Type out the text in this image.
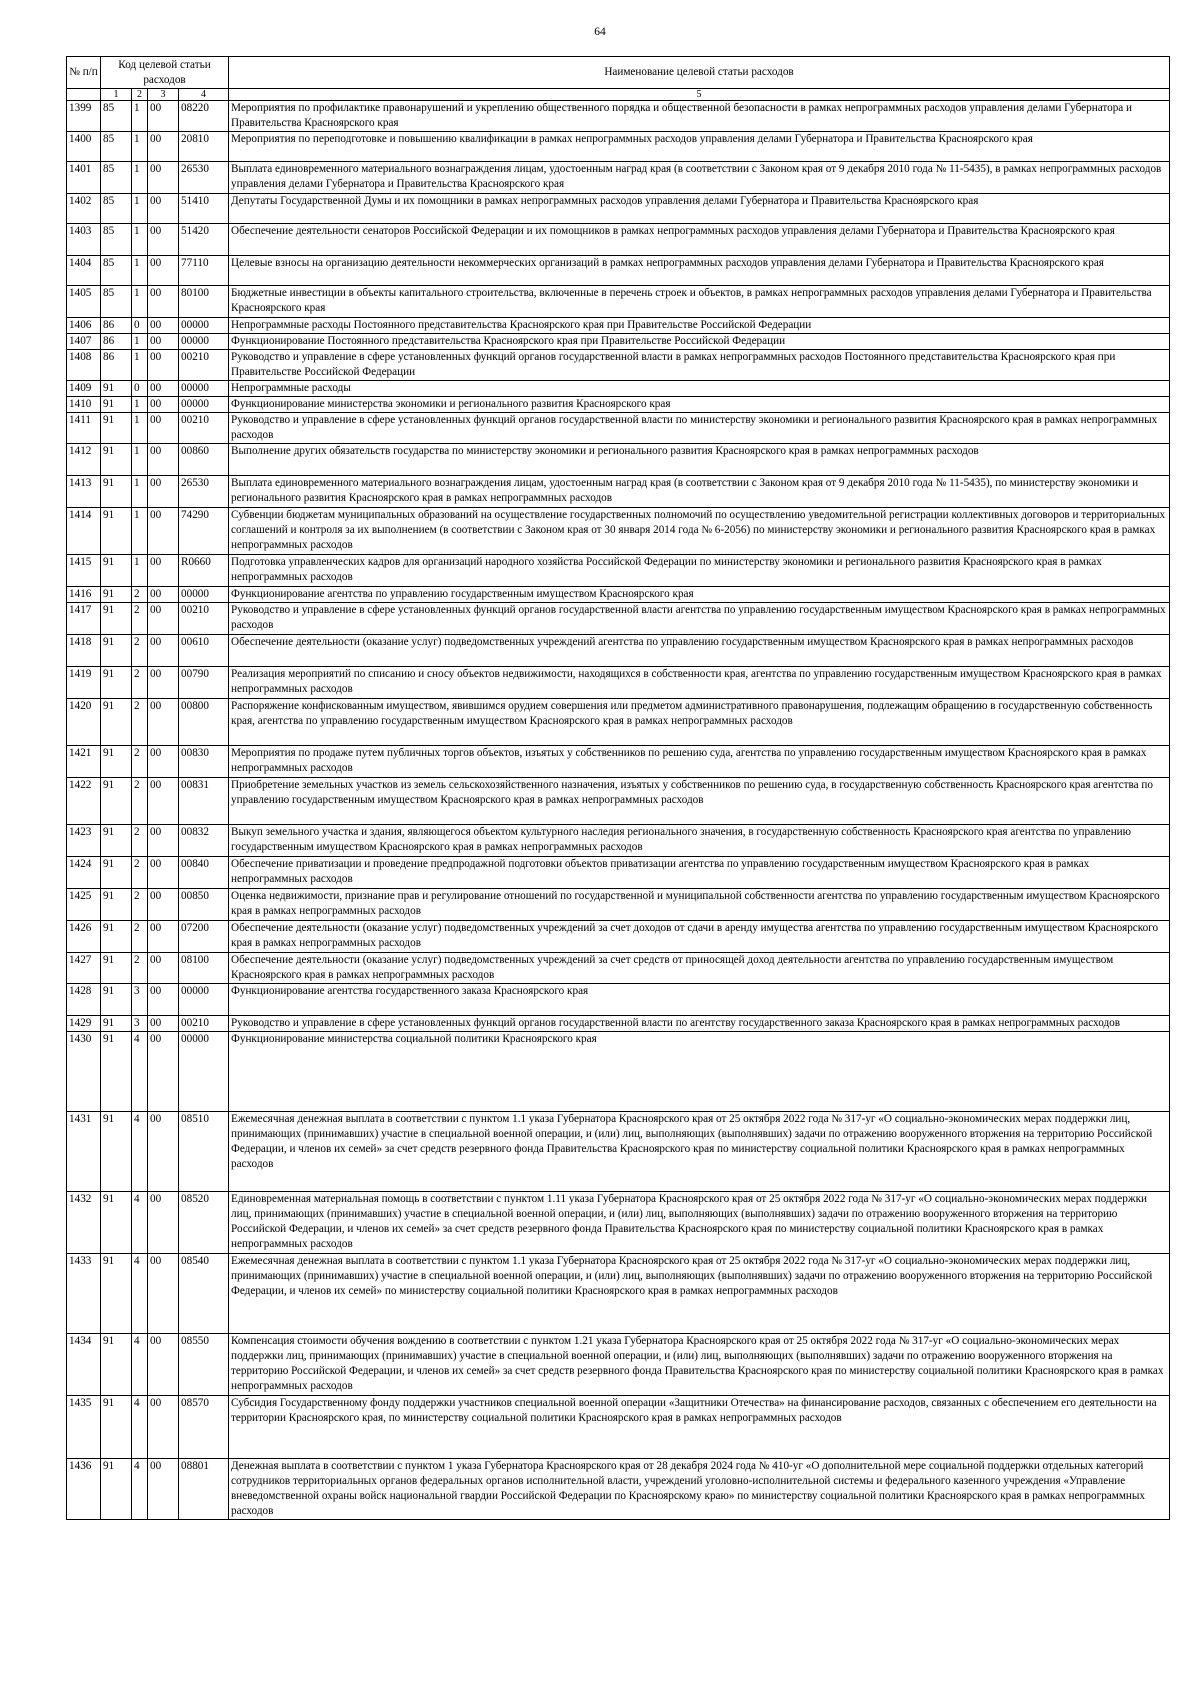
64
№ п/п	Код целевой статьи расходов				Наименование целевой статьи расходов

	1	2	3	4	5
1399	85	1	00	08220	Мероприятия по профилактике правонарушений и укреплению общественного порядка и общественной безопасности в рамках непрограммных расходов управления делами Губернатора и Правительства Красноярского края
1400	85	1	00	20810	Мероприятия по переподготовке и повышению квалификации в рамках непрограммных расходов управления делами Губернатора и Правительства Красноярского края
1401	85	1	00	26530	Выплата единовременного материального вознаграждения лицам, удостоенным наград края (в соответствии с Законом края от 9 декабря 2010 года № 11-5435), в рамках непрограммных расходов управления делами Губернатора и Правительства Красноярского края
1402	85	1	00	51410	Депутаты Государственной Думы и их помощники в рамках непрограммных расходов управления делами Губернатора и Правительства Красноярского края
1403	85	1	00	51420	Обеспечение деятельности сенаторов Российской Федерации и их помощников в рамках непрограммных расходов управления делами Губернатора и Правительства Красноярского края
1404	85	1	00	77110	Целевые взносы на организацию деятельности некоммерческих организаций в рамках непрограммных расходов управления делами Губернатора и Правительства Красноярского края
1405	85	1	00	80100	Бюджетные инвестиции в объекты капитального строительства, включенные в перечень строек и объектов, в рамках непрограммных расходов управления делами Губернатора и Правительства Красноярского края
1406	86	0	00	00000	Непрограммные расходы Постоянного представительства Красноярского края при Правительстве Российской Федерации
1407	86	1	00	00000	Функционирование Постоянного представительства Красноярского края при Правительстве Российской Федерации
1408	86	1	00	00210	Руководство и управление в сфере установленных функций органов государственной власти в рамках непрограммных расходов Постоянного представительства Красноярского края при Правительстве Российской Федерации
1409	91	0	00	00000	Непрограммные расходы
1410	91	1	00	00000	Функционирование министерства экономики и регионального развития Красноярского края
1411	91	1	00	00210	Руководство и управление в сфере установленных функций органов государственной власти по министерству экономики и регионального развития Красноярского края в рамках непрограммных расходов
1412	91	1	00	00860	Выполнение других обязательств государства по министерству экономики и регионального развития Красноярского края в рамках непрограммных расходов
1413	91	1	00	26530	Выплата единовременного материального вознаграждения лицам, удостоенным наград края (в соответствии с Законом края от 9 декабря 2010 года № 11-5435), по министерству экономики и регионального развития Красноярского края в рамках непрограммных расходов
1414	91	1	00	74290	Субвенции бюджетам муниципальных образований на осуществление государственных полномочий по осуществлению уведомительной регистрации коллективных договоров и территориальных соглашений и контроля за их выполнением (в соответствии с Законом края от 30 января 2014 года № 6-2056) по министерству экономики и регионального развития Красноярского края в рамках непрограммных расходов
1415	91	1	00	R0660	Подготовка управленческих кадров для организаций народного хозяйства Российской Федерации по министерству экономики и регионального развития Красноярского края в рамках непрограммных расходов
1416	91	2	00	00000	Функционирование агентства по управлению государственным имуществом Красноярского края
1417	91	2	00	00210	Руководство и управление в сфере установленных функций органов государственной власти агентства по управлению государственным имуществом Красноярского края в рамках непрограммных расходов
1418	91	2	00	00610	Обеспечение деятельности (оказание услуг) подведомственных учреждений агентства по управлению государственным имуществом Красноярского края в рамках непрограммных расходов
1419	91	2	00	00790	Реализация мероприятий по списанию и сносу объектов недвижимости, находящихся в собственности края, агентства по управлению государственным имуществом Красноярского края в рамках непрограммных расходов
1420	91	2	00	00800	Распоряжение конфискованным имуществом, явившимся орудием совершения или предметом административного правонарушения, подлежащим обращению в государственную собственность края, агентства по управлению государственным имуществом Красноярского края в рамках непрограммных расходов
1421	91	2	00	00830	Мероприятия по продаже путем публичных торгов объектов, изъятых у собственников по решению суда, агентства по управлению государственным имуществом Красноярского края в рамках непрограммных расходов
1422	91	2	00	00831	Приобретение земельных участков из земель сельскохозяйственного назначения, изъятых у собственников по решению суда, в государственную собственность Красноярского края агентства по управлению государственным имуществом Красноярского края в рамках непрограммных расходов
1423	91	2	00	00832	Выкуп земельного участка и здания, являющегося объектом культурного наследия регионального значения, в государственную собственность Красноярского края агентства по управлению государственным имуществом Красноярского края в рамках непрограммных расходов
1424	91	2	00	00840	Обеспечение приватизации и проведение предпродажной подготовки объектов приватизации агентства по управлению государственным имуществом Красноярского края в рамках непрограммных расходов
1425	91	2	00	00850	Оценка недвижимости, признание прав и регулирование отношений по государственной и муниципальной собственности агентства по управлению государственным имуществом Красноярского края в рамках непрограммных расходов
1426	91	2	00	07200	Обеспечение деятельности (оказание услуг) подведомственных учреждений за счет доходов от сдачи в аренду имущества агентства по управлению государственным имуществом Красноярского края в рамках непрограммных расходов
1427	91	2	00	08100	Обеспечение деятельности (оказание услуг) подведомственных учреждений за счет средств от приносящей доход деятельности агентства по управлению государственным имуществом Красноярского края в рамках непрограммных расходов
1428	91	3	00	00000	Функционирование агентства государственного заказа Красноярского края
1429	91	3	00	00210	Руководство и управление в сфере установленных функций органов государственной власти по агентству государственного заказа Красноярского края в рамках непрограммных расходов
1430	91	4	00	00000	Функционирование министерства социальной политики Красноярского края
1431	91	4	00	08510	Ежемесячная денежная выплата в соответствии с пунктом 1.1 указа Губернатора Красноярского края от 25 октября 2022 года № 317-уг «О социально-экономических мерах поддержки лиц, принимающих (принимавших) участие в специальной военной операции, и (или) лиц, выполняющих (выполнявших) задачи по отражению вооруженного вторжения на территорию Российской Федерации, и членов их семей» за счет средств резервного фонда Правительства Красноярского края по министерству социальной политики Красноярского края в рамках непрограммных расходов
1432	91	4	00	08520	Единовременная материальная помощь в соответствии с пунктом 1.11 указа Губернатора Красноярского края от 25 октября 2022 года № 317-уг «О социально-экономических мерах поддержки лиц, принимающих (принимавших) участие в специальной военной операции, и (или) лиц, выполняющих (выполнявших) задачи по отражению вооруженного вторжения на территорию Российской Федерации, и членов их семей» за счет средств резервного фонда Правительства Красноярского края по министерству социальной политики Красноярского края в рамках непрограммных расходов
1433	91	4	00	08540	Ежемесячная денежная выплата в соответствии с пунктом 1.1 указа Губернатора Красноярского края от 25 октября 2022 года № 317-уг «О социально-экономических мерах поддержки лиц, принимающих (принимавших) участие в специальной военной операции, и (или) лиц, выполняющих (выполнявших) задачи по отражению вооруженного вторжения на территорию Российской Федерации, и членов их семей» по министерству социальной политики Красноярского края в рамках непрограммных расходов
1434	91	4	00	08550	Компенсация стоимости обучения вождению в соответствии с пунктом 1.21 указа Губернатора Красноярского края от 25 октября 2022 года № 317-уг «О социально-экономических мерах поддержки лиц, принимающих (принимавших) участие в специальной военной операции, и (или) лиц, выполняющих (выполнявших) задачи по отражению вооруженного вторжения на территорию Российской Федерации, и членов их семей» за счет средств резервного фонда Правительства Красноярского края по министерству социальной политики Красноярского края в рамках непрограммных расходов
1435	91	4	00	08570	Субсидия Государственному фонду поддержки участников специальной военной операции «Защитники Отечества» на финансирование расходов, связанных с обеспечением его деятельности на территории Красноярского края, по министерству социальной политики Красноярского края в рамках непрограммных расходов
1436	91	4	00	08801	Денежная выплата в соответствии с пунктом 1 указа Губернатора Красноярского края от 28 декабря 2024 года № 410-уг «О дополнительной мере социальной поддержки отдельных категорий сотрудников территориальных органов федеральных органов исполнительной власти, учреждений уголовно-исполнительной системы и федерального казенного учреждения «Управление вневедомственной охраны войск национальной гвардии Российской Федерации по Красноярскому краю» по министерству социальной политики Красноярского края в рамках непрограммных расходов
